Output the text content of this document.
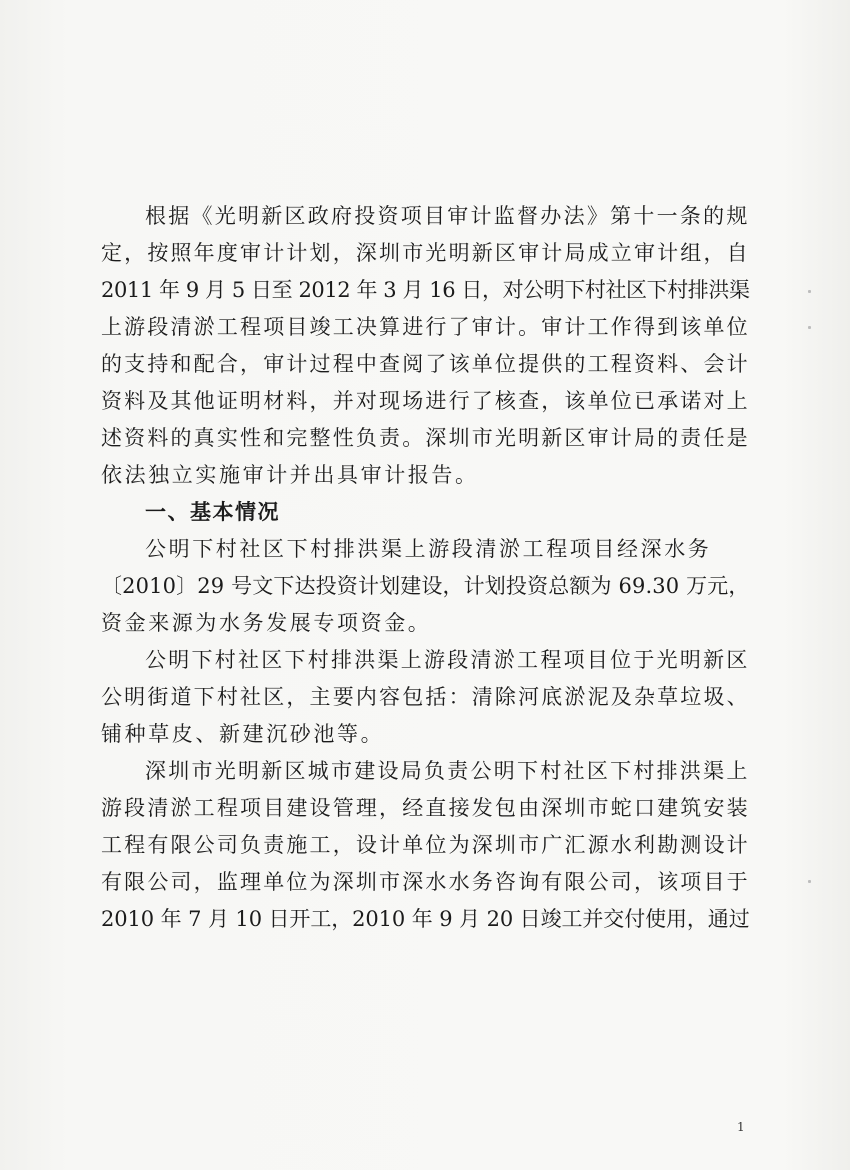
根据《光明新区政府投资项目审计监督办法》第十一条的规
定，按照年度审计计划，深圳市光明新区审计局成立审计组，自
2011 年 9 月 5 日至 2012 年 3 月 16 日，对公明下村社区下村排洪渠
上游段清淤工程项目竣工决算进行了审计。审计工作得到该单位
的支持和配合，审计过程中查阅了该单位提供的工程资料、会计
资料及其他证明材料，并对现场进行了核查，该单位已承诺对上
述资料的真实性和完整性负责。深圳市光明新区审计局的责任是
依法独立实施审计并出具审计报告。
一、基本情况
公明下村社区下村排洪渠上游段清淤工程项目经深水务
〔2010〕29 号文下达投资计划建设，计划投资总额为 69.30 万元，
资金来源为水务发展专项资金。
公明下村社区下村排洪渠上游段清淤工程项目位于光明新区
公明街道下村社区，主要内容包括：清除河底淤泥及杂草垃圾、
铺种草皮、新建沉砂池等。
深圳市光明新区城市建设局负责公明下村社区下村排洪渠上
游段清淤工程项目建设管理，经直接发包由深圳市蛇口建筑安装
工程有限公司负责施工，设计单位为深圳市广汇源水利勘测设计
有限公司，监理单位为深圳市深水水务咨询有限公司，该项目于
2010 年 7 月 10 日开工，2010 年 9 月 20 日竣工并交付使用，通过
1
